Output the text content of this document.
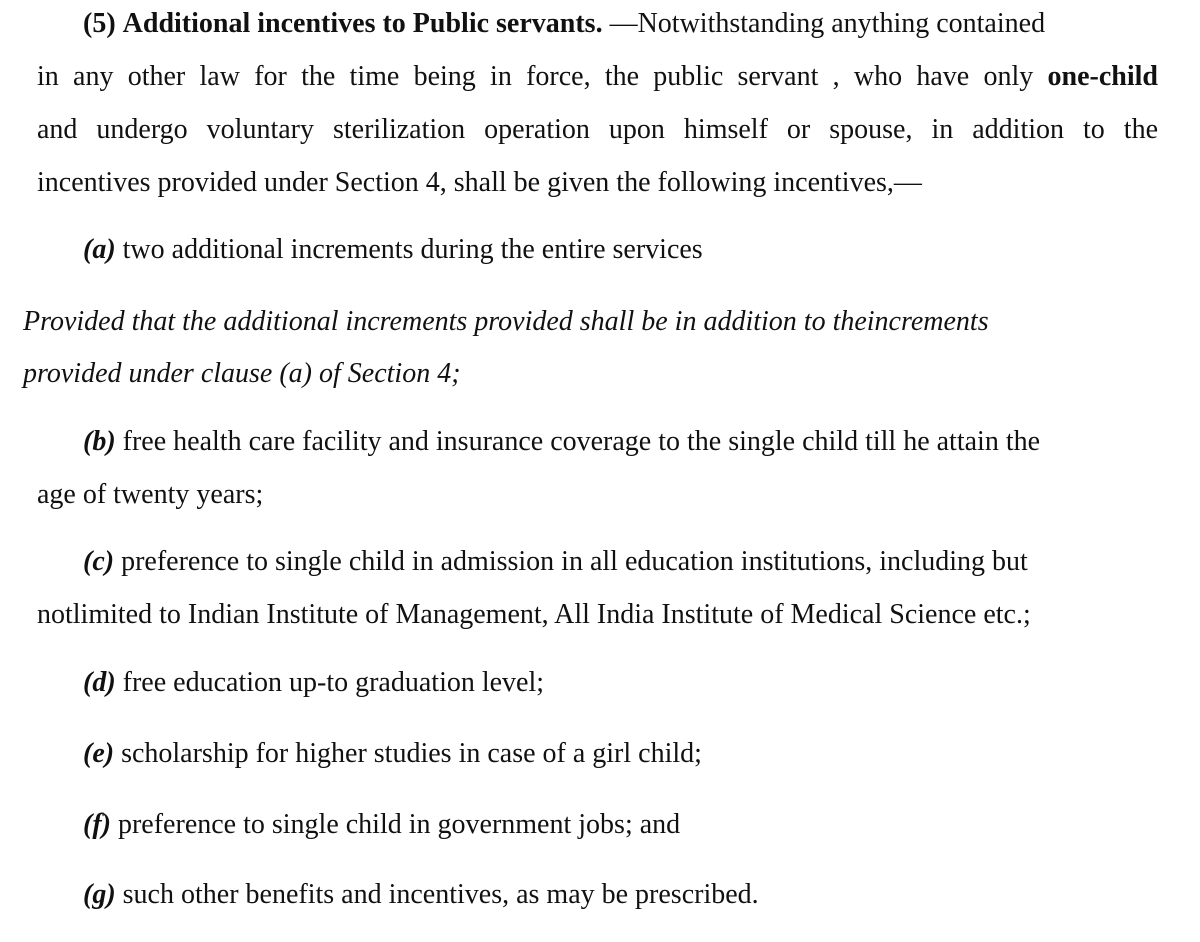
(5) Additional incentives to Public servants. —Notwithstanding anything contained
in any other law for the time being in force, the public servant , who have only one-child
and undergo voluntary sterilization operation upon himself or spouse, in addition to the
incentives provided under Section 4, shall be given the following incentives,—
(a) two additional increments during the entire services
Provided that the additional increments provided shall be in addition to theincrements
provided under clause (a) of Section 4;
(b) free health care facility and insurance coverage to the single child till he attain the
age of twenty years;
(c) preference to single child in admission in all education institutions, including but
notlimited to Indian Institute of Management, All India Institute of Medical Science etc.;
(d) free education up-to graduation level;
(e) scholarship for higher studies in case of a girl child;
(f) preference to single child in government jobs; and
(g) such other benefits and incentives, as may be prescribed.
